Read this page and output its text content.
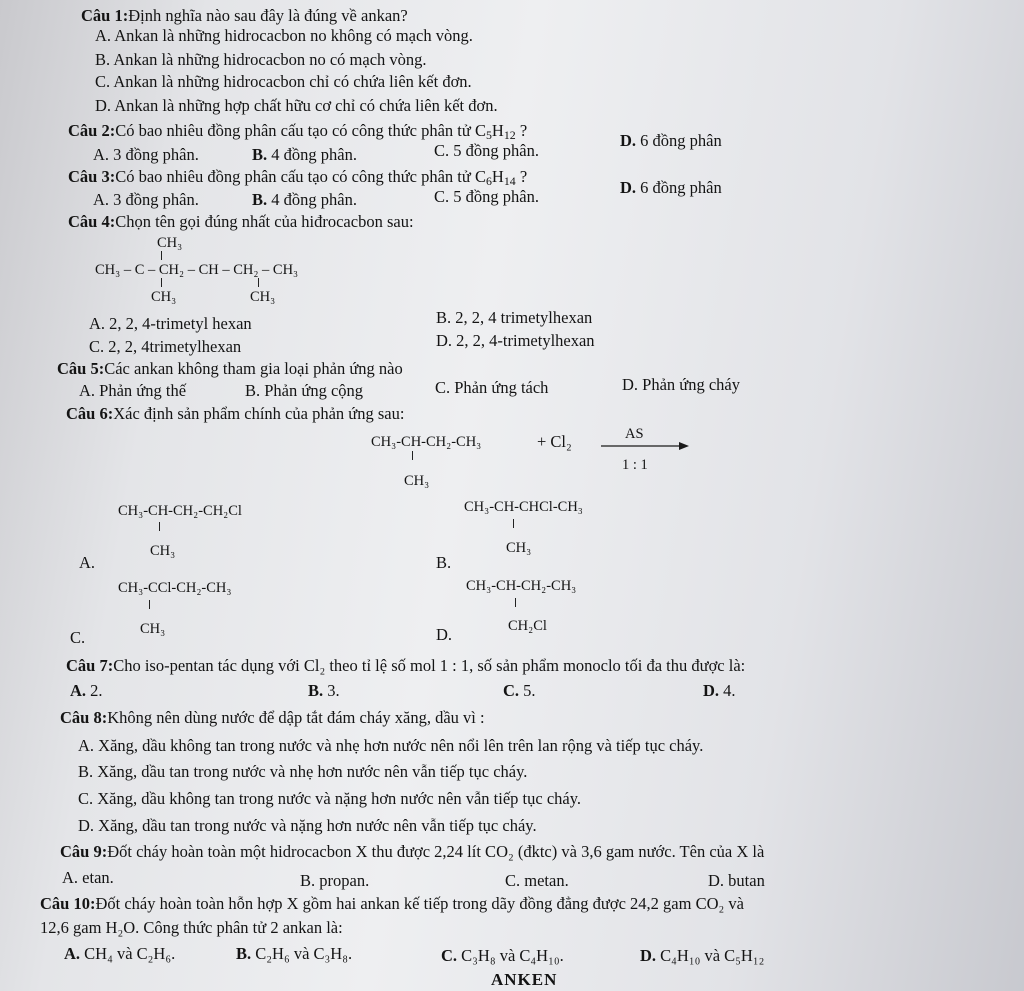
Câu 1:Định nghĩa nào sau đây là đúng về ankan?
A. Ankan là những hidrocacbon no không có mạch vòng.
B. Ankan là những hidrocacbon no có mạch vòng.
C. Ankan là những hidrocacbon chỉ có chứa liên kết đơn.
D. Ankan là những hợp chất hữu cơ chỉ có chứa liên kết đơn.
Câu 2:Có bao nhiêu đồng phân cấu tạo có công thức phân tử $C_5H_{12}$ ?
A. 3 đồng phân.	B. 4 đồng phân.	C. 5 đồng phân.
D. 6 đồng phân
Câu 3:Có bao nhiêu đồng phân cấu tạo có công thức phân tử $C_6H_{14}$ ?
A. 3 đồng phân.	B. 4 đồng phân.	C. 5 đồng phân.	D. 6 đồng phân
Câu 4:Chọn tên gọi đúng nhất của hiđrocacbon sau:
CH₃
CH₃ – C – CH₂ – CH – CH₂ – CH₃
CH₃	CH₃
A. 2, 2, 4-trimetyl hexan	B. 2, 2, 4 trimetylhexan
C. 2, 2, 4trimetylhexan	D. 2, 2, 4-trimetylhexan
Câu 5:Các ankan không tham gia loại phản ứng nào
A. Phản ứng thế	B. Phản ứng cộng	C. Phản ứng tách	D. Phản ứng cháy
Câu 6:Xác định sản phẩm chính của phản ứng sau:
CH₃-CH-CH₂-CH₃
CH₃
+ Cl₂	AS
1 : 1
CH₃-CH-CH₂-CH₂Cl
A.
CH₃
CH₃-CH-CHCl-CH₃
B.
CH₃
CH₃-CCl-CH₂-CH₃
C.	CH₃
CH₃-CH-CH₂-CH₃
D.	CH₂Cl
Câu 7:Cho iso-pentan tác dụng với Cl₂ theo tỉ lệ số mol 1 : 1, số sản phẩm monoclo tối đa thu được là:
A. 2.	B. 3.	C. 5.	D. 4.
Câu 8:Không nên dùng nước để dập tắt đám cháy xăng, dầu vì :
A. Xăng, dầu không tan trong nước và nhẹ hơn nước nên nổi lên trên lan rộng và tiếp tục cháy.
B. Xăng, dầu tan trong nước và nhẹ hơn nước nên vẫn tiếp tục cháy.
C. Xăng, dầu không tan trong nước và nặng hơn nước nên vẫn tiếp tục cháy.
D. Xăng, dầu tan trong nước và nặng hơn nước nên vẫn tiếp tục cháy.
Câu 9:Đốt cháy hoàn toàn một hidrocacbon X thu được 2,24 lít CO₂ (đktc) và 3,6 gam nước. Tên của X là
A. etan.	B. propan.	C. metan.	D. butan
Câu 10:Đốt cháy hoàn toàn hỗn hợp X gồm hai ankan kế tiếp trong dãy đồng đẳng được 24,2 gam CO₂ và
12,6 gam H₂O. Công thức phân tử 2 ankan là:
A. CH₄ và C₂H₆.	B. C₂H₆ và C₃H₈.	C. C₃H₈ và C₄H₁₀.	D. C₄H₁₀ và C₅H₁₂
ANKEN
